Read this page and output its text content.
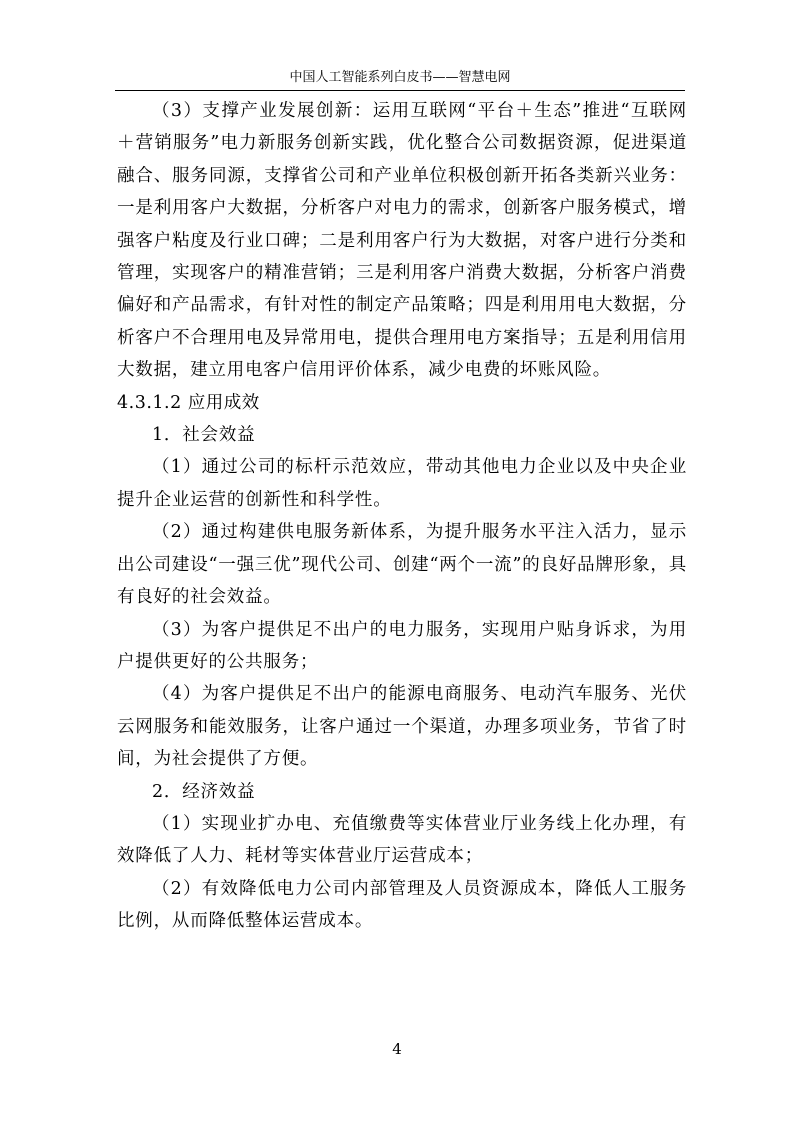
中国人工智能系列白皮书——智慧电网

（3）支撑产业发展创新：运用互联网“平台＋生态”推进“互联网＋营销服务”电力新服务创新实践，优化整合公司数据资源，促进渠道融合、服务同源，支撑省公司和产业单位积极创新开拓各类新兴业务：一是利用客户大数据，分析客户对电力的需求，创新客户服务模式，增强客户粘度及行业口碑；二是利用客户行为大数据，对客户进行分类和管理，实现客户的精准营销；三是利用客户消费大数据，分析客户消费偏好和产品需求，有针对性的制定产品策略；四是利用用电大数据，分析客户不合理用电及异常用电，提供合理用电方案指导；五是利用信用大数据，建立用电客户信用评价体系，减少电费的坏账风险。

4.3.1.2 应用成效

1．社会效益

（1）通过公司的标杆示范效应，带动其他电力企业以及中央企业提升企业运营的创新性和科学性。

（2）通过构建供电服务新体系，为提升服务水平注入活力，显示出公司建设“一强三优”现代公司、创建“两个一流”的良好品牌形象，具有良好的社会效益。

（3）为客户提供足不出户的电力服务，实现用户贴身诉求，为用户提供更好的公共服务；

（4）为客户提供足不出户的能源电商服务、电动汽车服务、光伏云网服务和能效服务，让客户通过一个渠道，办理多项业务，节省了时间，为社会提供了方便。

2．经济效益

（1）实现业扩办电、充值缴费等实体营业厅业务线上化办理，有效降低了人力、耗材等实体营业厅运营成本；

（2）有效降低电力公司内部管理及人员资源成本，降低人工服务比例，从而降低整体运营成本。

4
